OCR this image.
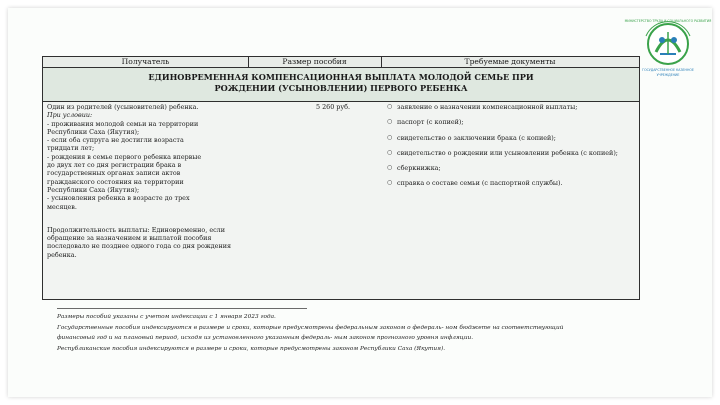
МИНИСТЕРСТВО ТРУДА И СОЦИАЛЬНОГО РАЗВИТИЯ
ГОСУДАРСТВЕННОЕ КАЗЕННОЕ
УЧРЕЖДЕНИЕ
Получатель	Размер пособия	Требуемые документы
ЕДИНОВРЕМЕННАЯ КОМПЕНСАЦИОННАЯ ВЫПЛАТА МОЛОДОЙ СЕМЬЕ ПРИ
РОЖДЕНИИ (УСЫНОВЛЕНИИ) ПЕРВОГО РЕБЕНКА

Один из родителей (усыновителей) ребенка.

При условии:

- проживания молодой семьи на территории

Республики Саха (Якутия);

- если оба супруга не достигли возраста

тридцати лет;

- рождения в семье первого ребенка впервые

до двух лет со дня регистрации брака в

государственных органах записи актов

гражданского состояния на территории

Республики Саха (Якутия);

- усыновления ребенка в возрасте до трех

месяцев.

Продолжительность выплаты: Единовременно, если

обращение за назначением и выплатой пособия

последовало не позднее одного года со дня рождения

ребенка.

5 260 руб.
○	заявление о назначении компенсационной выплаты;
○ паспорт (с копией);
○ свидетельство о заключении брака (с копией);
○ свидетельство о рождении или усыновлении ребенка (с копией);
○ сберкнижка;
○ справка о составе семьи (с паспортной службы).
Размеры пособий указаны с учетом индексации с 1 января 2023 года.
Государственные пособия индексируются в размере и сроки, которые предусмотрены федеральным законом о федераль- ном бюджете на соответствующий
финансовый год и на плановый период, исходя из установленного указанным федераль- ным законом прогнозного уровня инфляции.
Республиканские пособия индексируются в размере и сроки, которые предусмотрены законом Республики Саха (Якутия).
